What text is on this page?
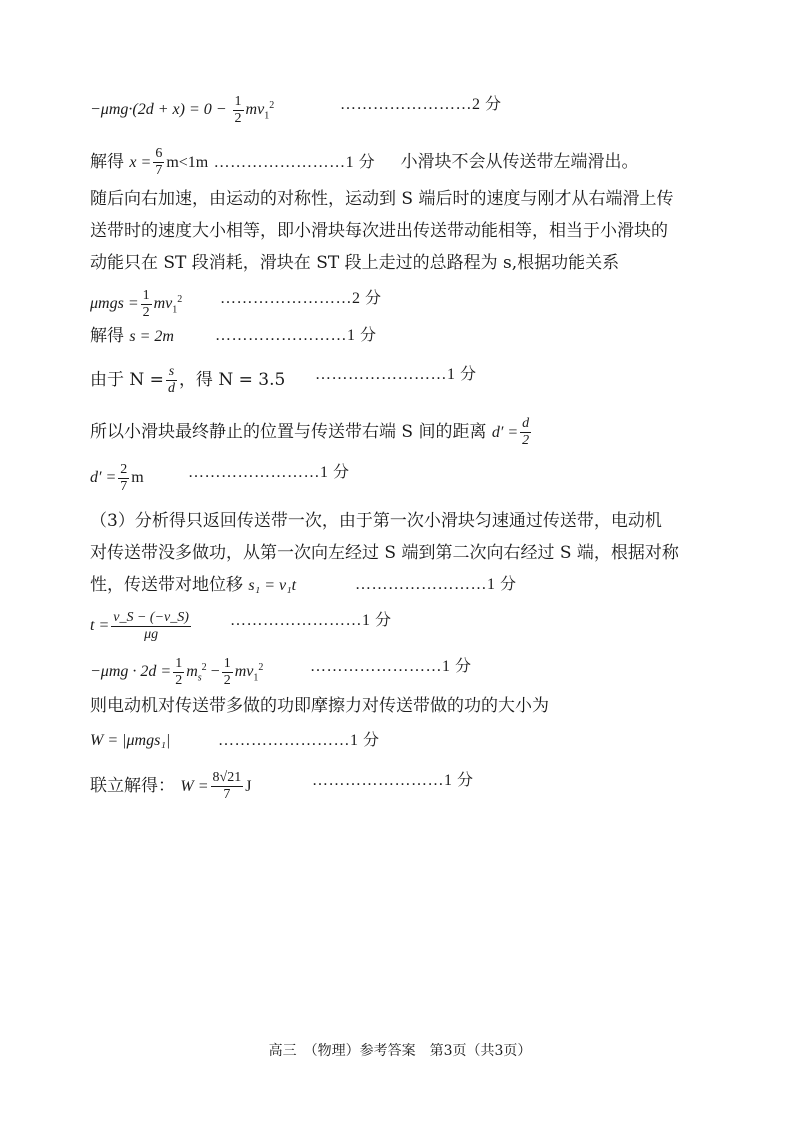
$-\mu mg\cdot(2d + x) = 0 - \frac{1}{2} mv_1^2$	……………………2 分
解得 $x = \frac{6}{7} m<1m$ ……………………1 分 小滑块不会从传送带左端滑出。
随后向右加速，由运动的对称性，运动到 S 端后时的速度与刚才从右端滑上传
送带时的速度大小相等，即小滑块每次进出传送带动能相等，相当于小滑块的
动能只在 ST 段消耗，滑块在 ST 段上走过的总路程为 s,根据功能关系
$\mu mgs = \frac{1}{2} mv_1^2$ ……………………2 分
解得 s = 2m	……………………1 分
由于 $N = \frac{s}{d}$ ，得 N = 3.5 ……………………1 分
所以小滑块最终静止的位置与传送带右端 S 间的距离 $d' = \frac{d}{2}$
$d' = \frac{2}{7}$ m	……………………1 分
（3）分析得只返回传送带一次，由于第一次小滑块匀速通过传送带，电动机
对传送带没多做功，从第一次向左经过 S 端到第二次向右经过 S 端，根据对称
性，传送带对地位移 s₁ = v₁t	……………………1 分
$t = \frac{v\_S - (-v\_S)}{\mu g}$ ……………………1 分
$-\mu mg \cdot 2d = \frac{1}{2} m_s^2 - \frac{1}{2} mv_1^2$	……………………1 分
则电动机对传送带多做的功即摩擦力对传送带做的功的大小为
W = |μmgs₁|	……………………1 分
联立解得： $W = \frac{8√21}{7}$ J	……………………1 分
高三　（物理）参考答案　第3页（共3页）
